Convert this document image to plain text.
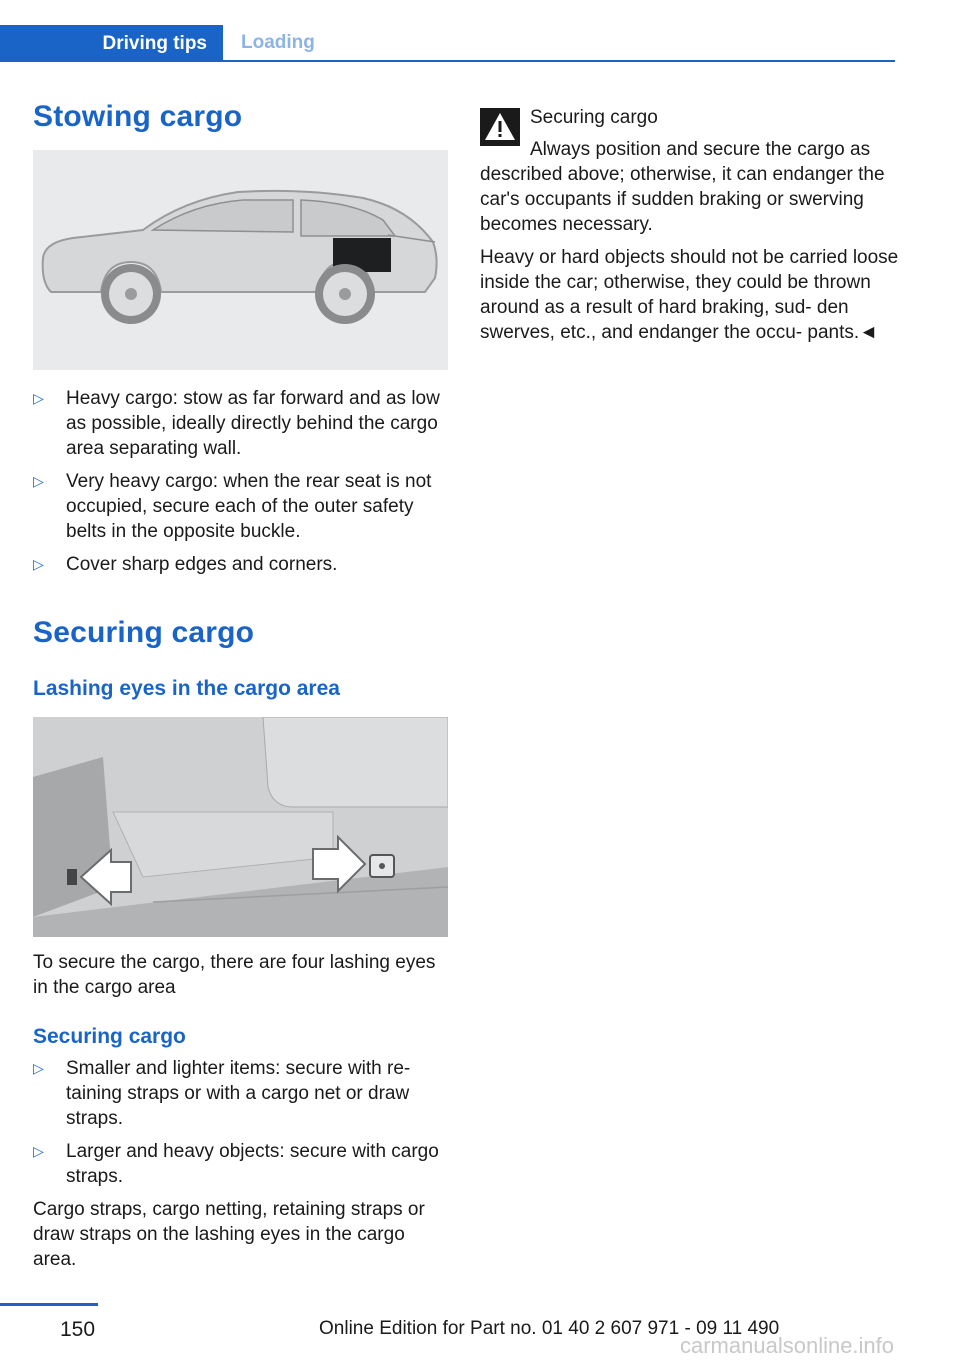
Driving tips	Loading
Stowing cargo
▷ Heavy cargo: stow as far forward and as low as possible, ideally directly behind the cargo area separating wall.
▷ Very heavy cargo: when the rear seat is not occupied, secure each of the outer safety belts in the opposite buckle.
▷ Cover sharp edges and corners.
Securing cargo
Lashing eyes in the cargo area

To secure the cargo, there are four lashing eyes in the cargo area

Securing cargo
▷ Smaller and lighter items: secure with re‐ taining straps or with a cargo net or draw straps.
▷ Larger and heavy objects: secure with cargo straps.

Cargo straps, cargo netting, retaining straps or draw straps on the lashing eyes in the cargo area.

Securing cargo

Always position and secure the cargo as described above; otherwise, it can endanger the car's occupants if sudden braking or swerving becomes necessary.

Heavy or hard objects should not be carried loose inside the car; otherwise, they could be thrown around as a result of hard braking, sud‐ den swerves, etc., and endanger the occu‐ pants.◄

150	Online Edition for Part no. 01 40 2 607 971 - 09 11 490
carmanualsonline.info
